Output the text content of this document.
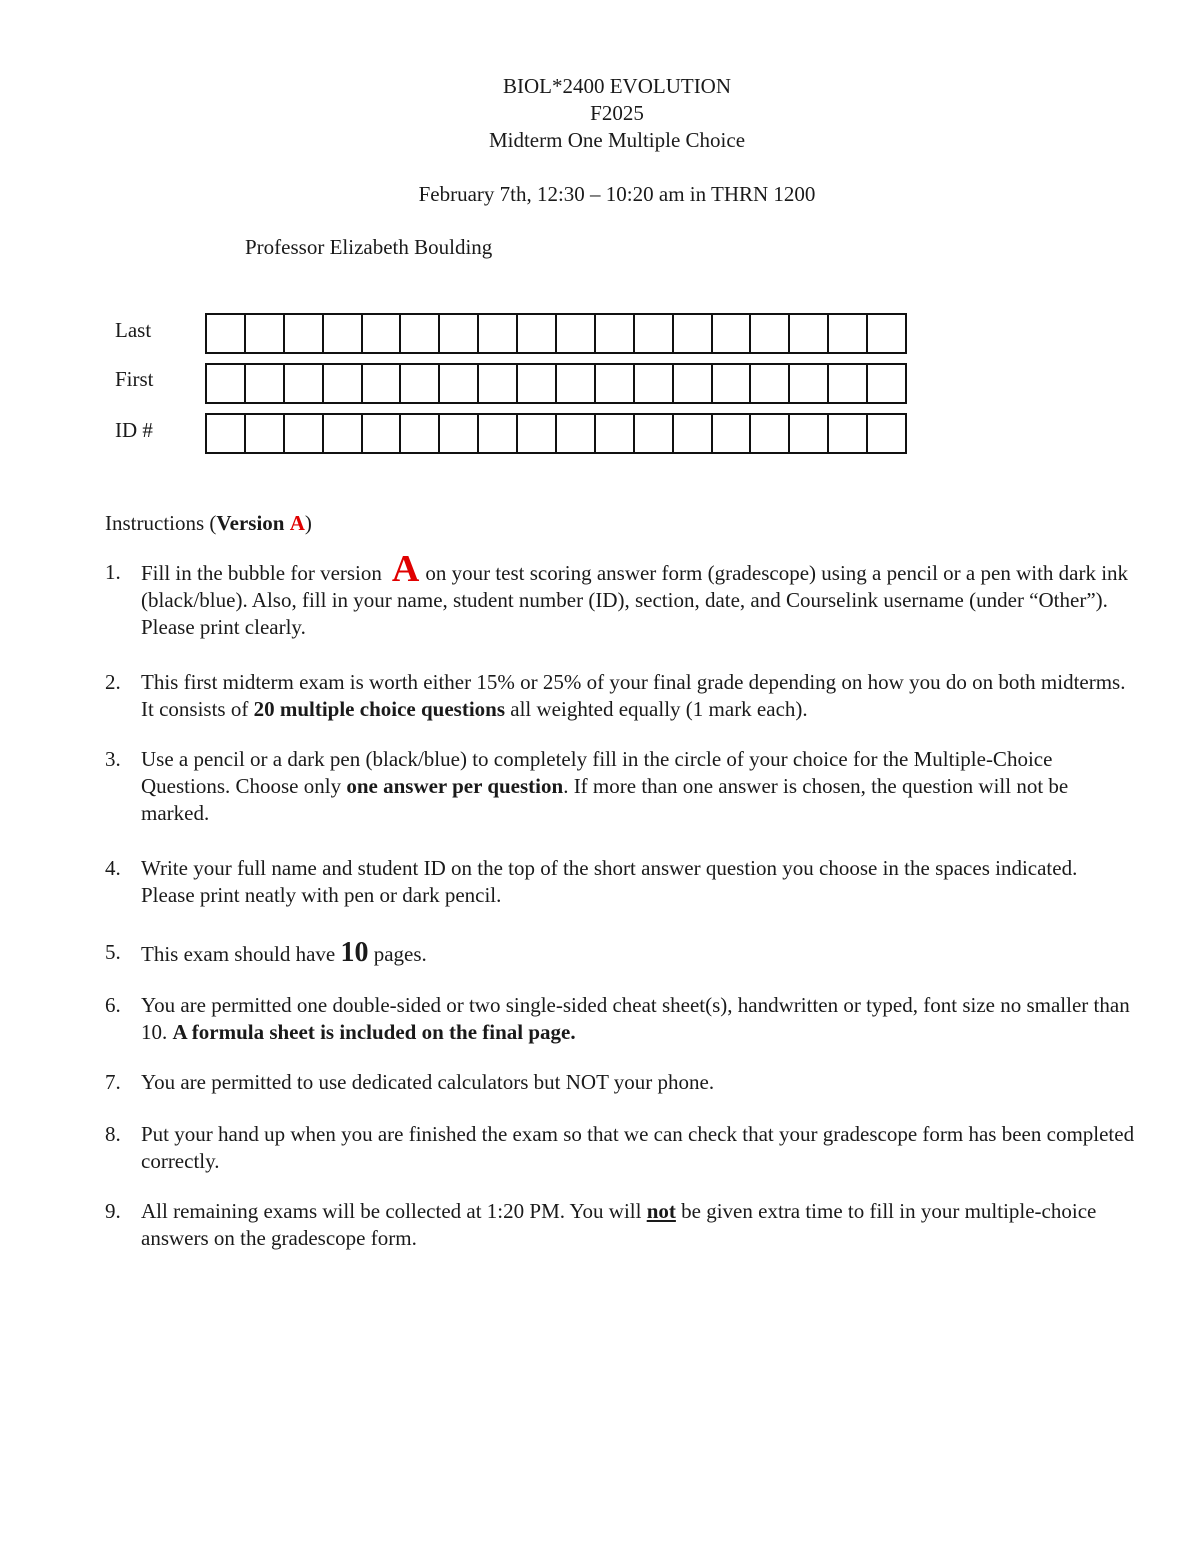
BIOL*2400 EVOLUTION
F2025
Midterm One Multiple Choice
February 7th, 12:30 – 10:20 am in THRN 1200
Professor Elizabeth Boulding
Last
First
ID #
Instructions (Version A)
1. Fill in the bubble for version A on your test scoring answer form (gradescope) using a pencil or a pen with dark ink (black/blue). Also, fill in your name, student number (ID), section, date, and Courselink username (under “Other”). Please print clearly.
2. This first midterm exam is worth either 15% or 25% of your final grade depending on how you do on both midterms. It consists of 20 multiple choice questions all weighted equally (1 mark each).
3. Use a pencil or a dark pen (black/blue) to completely fill in the circle of your choice for the Multiple-Choice Questions. Choose only one answer per question. If more than one answer is chosen, the question will not be marked.
4. Write your full name and student ID on the top of the short answer question you choose in the spaces indicated. Please print neatly with pen or dark pencil.
5. This exam should have 10 pages.
6. You are permitted one double-sided or two single-sided cheat sheet(s), handwritten or typed, font size no smaller than 10. A formula sheet is included on the final page.
7. You are permitted to use dedicated calculators but NOT your phone.
8. Put your hand up when you are finished the exam so that we can check that your gradescope form has been completed correctly.
9. All remaining exams will be collected at 1:20 PM. You will not be given extra time to fill in your multiple-choice answers on the gradescope form.
